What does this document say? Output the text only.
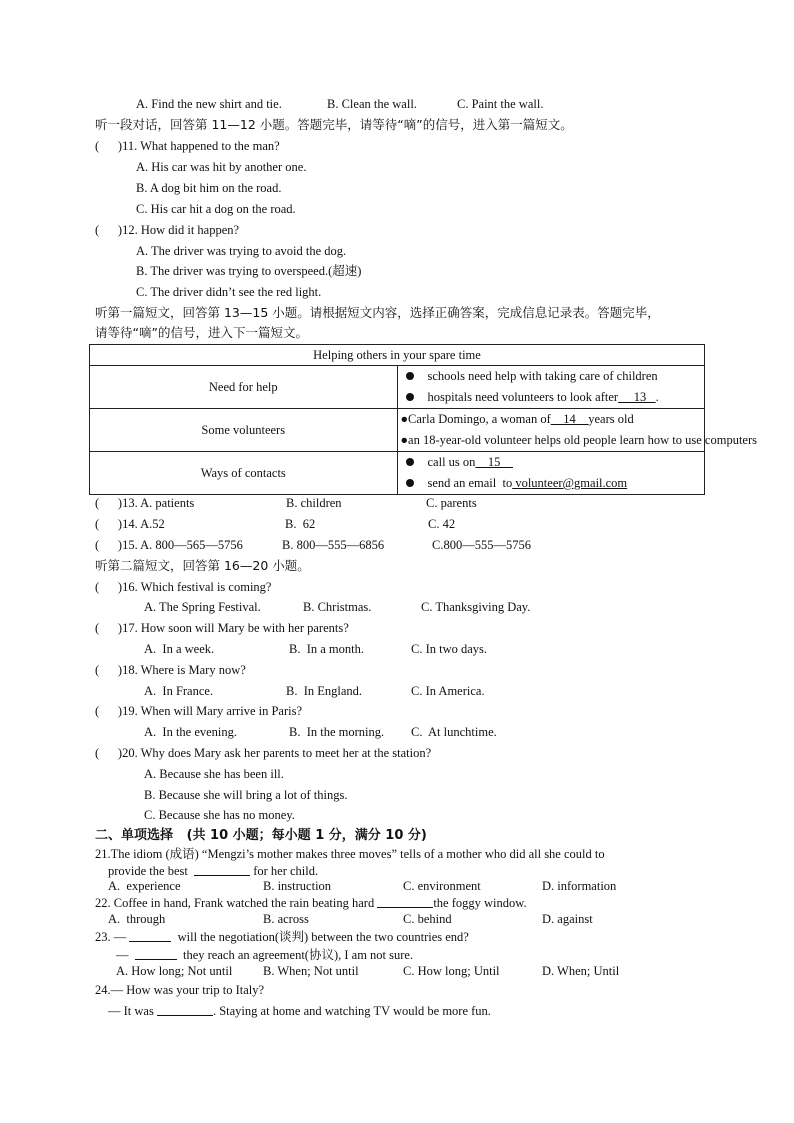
A. Find the new shirt and tie.	B. Clean the wall.	C. Paint the wall.
听一段对话，回答第 11—12 小题。答题完毕，请等待“嘀”的信号，进入第一篇短文。
(      )11. What happened to the man?
A. His car was hit by another one.
B. A dog bit him on the road.
C. His car hit a dog on the road.
(      )12. How did it happen?
A. The driver was trying to avoid the dog.
B. The driver was trying to overspeed.(超速)
C. The driver didn’t see the red light.
听第一篇短文，回答第 13—15 小题。请根据短文内容，选择正确答案，完成信息记录表。答题完毕，
请等待“嘀”的信号，进入下一篇短文。
Helping others in your spare time	
Need for help	schools need help with taking care of children
hospitals need volunteers to look after     13   .

Some volunteers	●Carla Domingo, a woman of    14    years old
●an 18-year-old volunteer helps old people learn how to use computers

Ways of contacts	call us on    15
send an email  to volunteer@gmail.com
(      )13. A. patients	B. children	C. parents
(      )14. A.52	B.  62	C. 42
(      )15. A. 800—565—5756	B. 800—555—6856	C.800—555—5756
听第二篇短文，回答第 16—20 小题。
(      )16. Which festival is coming?
A. The Spring Festival.	B. Christmas.	C. Thanksgiving Day.
(      )17. How soon will Mary be with her parents?
A.  In a week.	B.  In a month.	C. In two days.
(      )18. Where is Mary now?
A.  In France.	B.  In England.	C. In America.
(      )19. When will Mary arrive in Paris?
A.  In the evening.	B.  In the morning. C.  At lunchtime.
(      )20. Why does Mary ask her parents to meet her at the station?
A. Because she has been ill.
B. Because she will bring a lot of things.
C. Because she has no money.
二、单项选择   (共 10 小题；每小题 1 分，满分 10 分)
21.The idiom (成语) “Mengzi’s mother makes three moves” tells of a mother who did all she could to
provide the best	for her child.
A.  experience	B. instruction	C. environment	D. information
22. Coffee in hand, Frank watched the rain beating hard	the foggy window.
A.  through	B. across	C. behind	D. against
23. —	will the negotiation(谈判) between the two countries end?
—	they reach an agreement(协议), I am not sure.
A. How long; Not until B. When; Not until	C. How long; Until	D. When; Until
24.— How was your trip to Italy?
— It was	. Staying at home and watching TV would be more fun.
